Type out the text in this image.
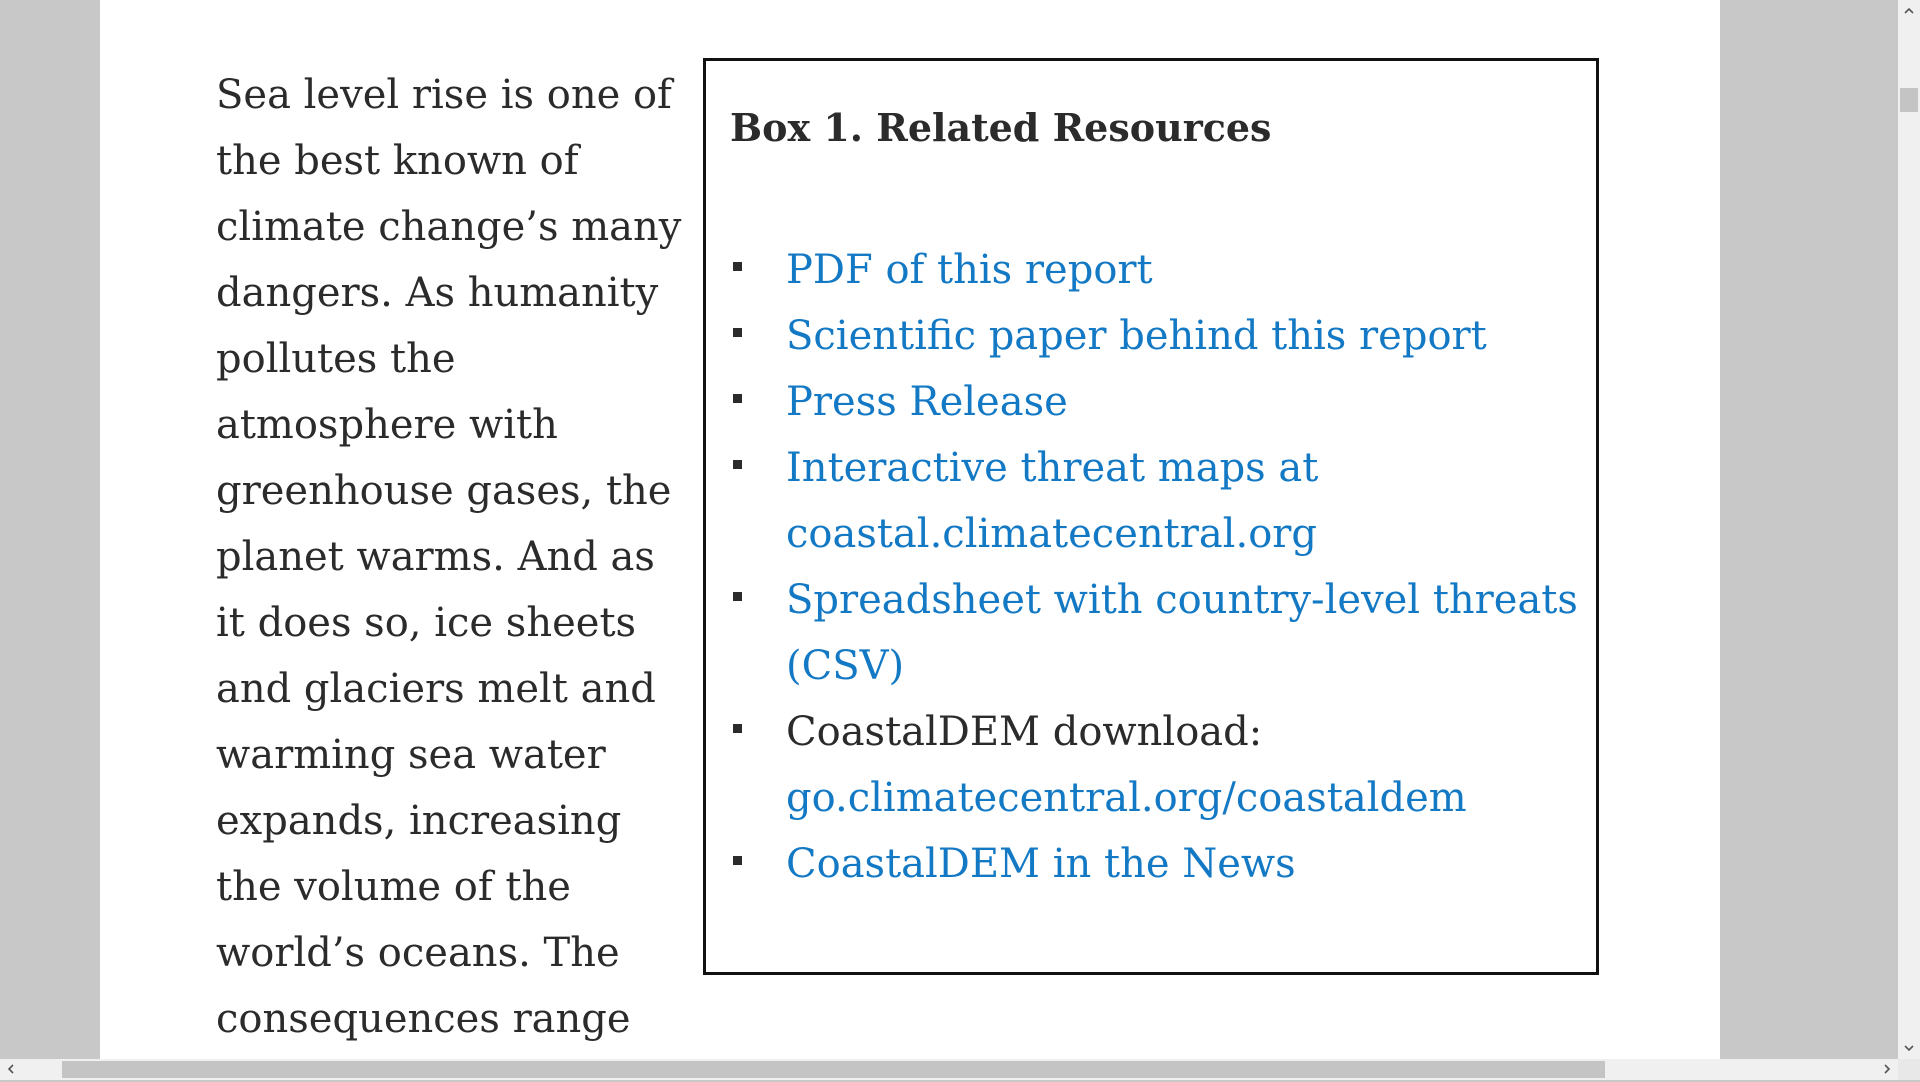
Sea level rise is one of
the best known of
climate change’s many
dangers. As humanity
pollutes the
atmosphere with
greenhouse gases, the
planet warms. And as
it does so, ice sheets
and glaciers melt and
warming sea water
expands, increasing
the volume of the
world’s oceans. The
consequences range

Box 1. Related Resources
PDF of this report
Scientific paper behind this report
Press Release
Interactive threat maps at
coastal.climatecentral.org
Spreadsheet with country-level threats
(CSV)
CoastalDEM download:
go.climatecentral.org/coastaldem
CoastalDEM in the News
